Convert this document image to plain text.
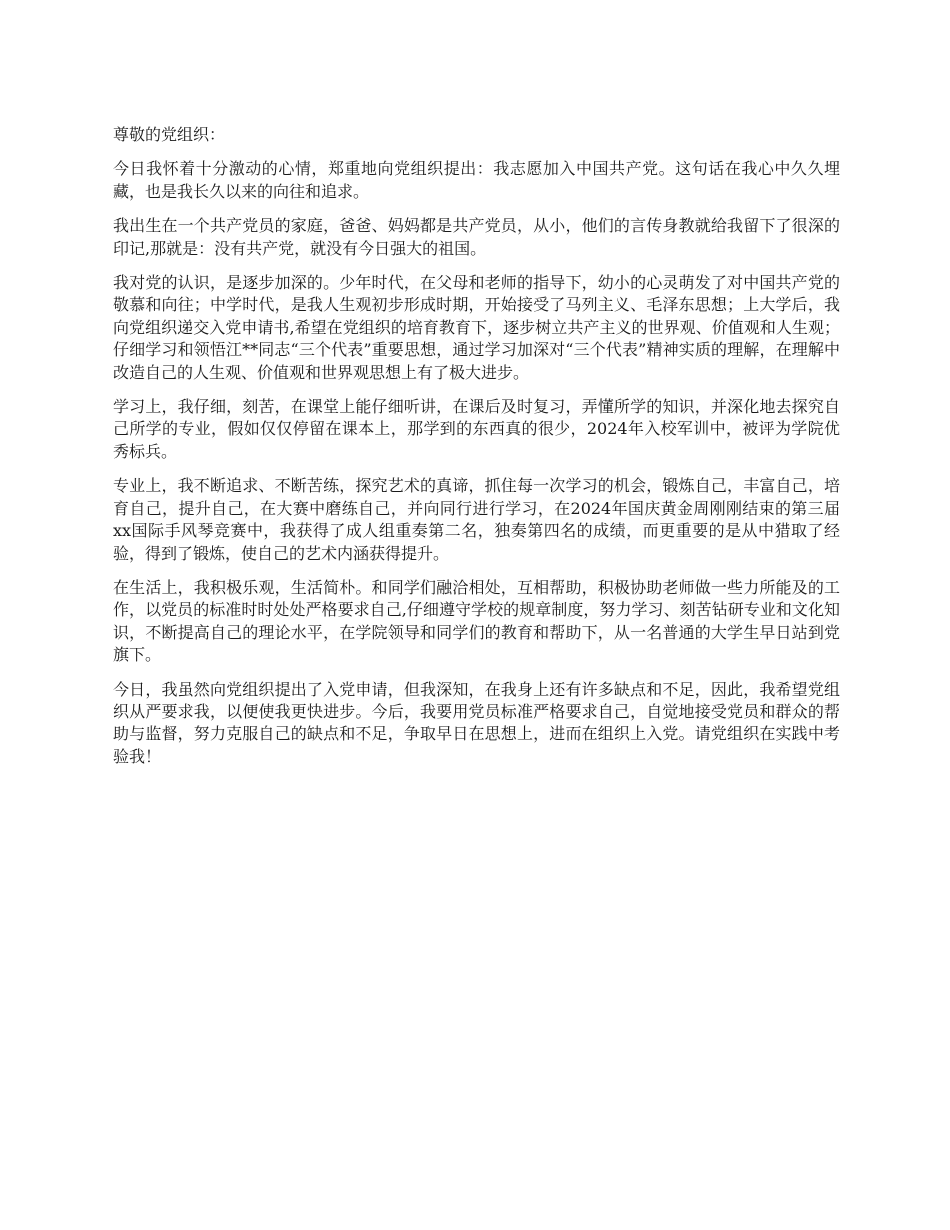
尊敬的党组织：

今日我怀着十分激动的心情，郑重地向党组织提出：我志愿加入中国共产党。这句话在我心中久久埋藏，也是我长久以来的向往和追求。

我出生在一个共产党员的家庭，爸爸、妈妈都是共产党员，从小，他们的言传身教就给我留下了很深的印记,那就是：没有共产党，就没有今日强大的祖国。

我对党的认识，是逐步加深的。少年时代，在父母和老师的指导下，幼小的心灵萌发了对中国共产党的敬慕和向往；中学时代，是我人生观初步形成时期，开始接受了马列主义、毛泽东思想；上大学后，我向党组织递交入党申请书,希望在党组织的培育教育下，逐步树立共产主义的世界观、价值观和人生观；仔细学习和领悟江**同志“三个代表”重要思想，通过学习加深对“三个代表”精神实质的理解，在理解中改造自己的人生观、价值观和世界观思想上有了极大进步。

学习上，我仔细，刻苦，在课堂上能仔细听讲，在课后及时复习，弄懂所学的知识，并深化地去探究自己所学的专业，假如仅仅停留在课本上，那学到的东西真的很少，2024年入校军训中，被评为学院优秀标兵。

专业上，我不断追求、不断苦练，探究艺术的真谛，抓住每一次学习的机会，锻炼自己，丰富自己，培育自己，提升自己，在大赛中磨练自己，并向同行进行学习，在2024年国庆黄金周刚刚结束的第三届xx国际手风琴竞赛中，我获得了成人组重奏第二名，独奏第四名的成绩，而更重要的是从中猎取了经验，得到了锻炼，使自己的艺术内涵获得提升。

在生活上，我积极乐观，生活简朴。和同学们融洽相处，互相帮助，积极协助老师做一些力所能及的工作，以党员的标准时时处处严格要求自己,仔细遵守学校的规章制度，努力学习、刻苦钻研专业和文化知识，不断提高自己的理论水平，在学院领导和同学们的教育和帮助下，从一名普通的大学生早日站到党旗下。

今日，我虽然向党组织提出了入党申请，但我深知，在我身上还有许多缺点和不足，因此，我希望党组织从严要求我，以便使我更快进步。今后，我要用党员标准严格要求自己，自觉地接受党员和群众的帮助与监督，努力克服自己的缺点和不足，争取早日在思想上，进而在组织上入党。请党组织在实践中考验我！
